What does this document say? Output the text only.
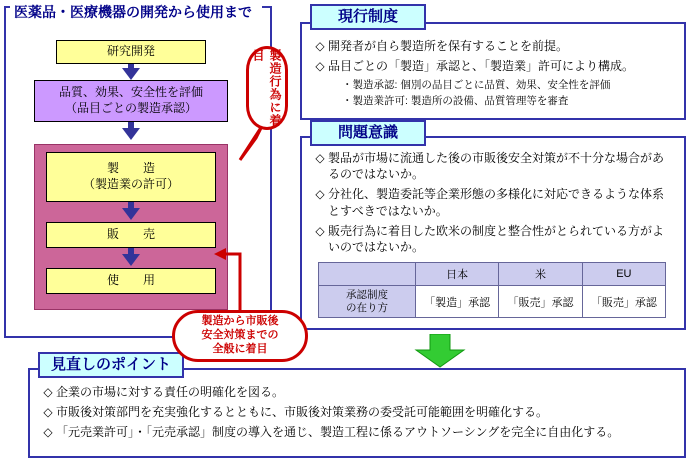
医薬品・医療機器の開発から使用まで
研究開発
品質、効果、安全性を評価
（品目ごとの製造承認）
製　　造
（製造業の許可）
販　　売
使　　用
製造行為に着目
製造から市販後
安全対策までの
全般に着目
◇ 開発者が自ら製造所を保有することを前提。
◇ 品目ごとの「製造」承認と、「製造業」許可により構成。
・製造承認: 個別の品目ごとに品質、効果、安全性を評価
・製造業許可: 製造所の設備、品質管理等を審査
現行制度
◇ 製品が市場に流通した後の市販後安全対策が不十分な場合があるのではないか。
◇ 分社化、製造委託等企業形態の多様化に対応できるような体系とすべきではないか。
◇ 販売行為に着目した欧米の制度と整合性がとられている方がよいのではないか。
問題意識
	日本	米	EU

承認制度
の在り方	「製造」承認	「販売」承認	「販売」承認
◇ 企業の市場に対する責任の明確化を図る。
◇ 市販後対策部門を充実強化するとともに、市販後対策業務の委受託可能範囲を明確化する。
◇ 「元売業許可」・「元売承認」制度の導入を通じ、製造工程に係るアウトソーシングを完全に自由化する。
見直しのポイント
